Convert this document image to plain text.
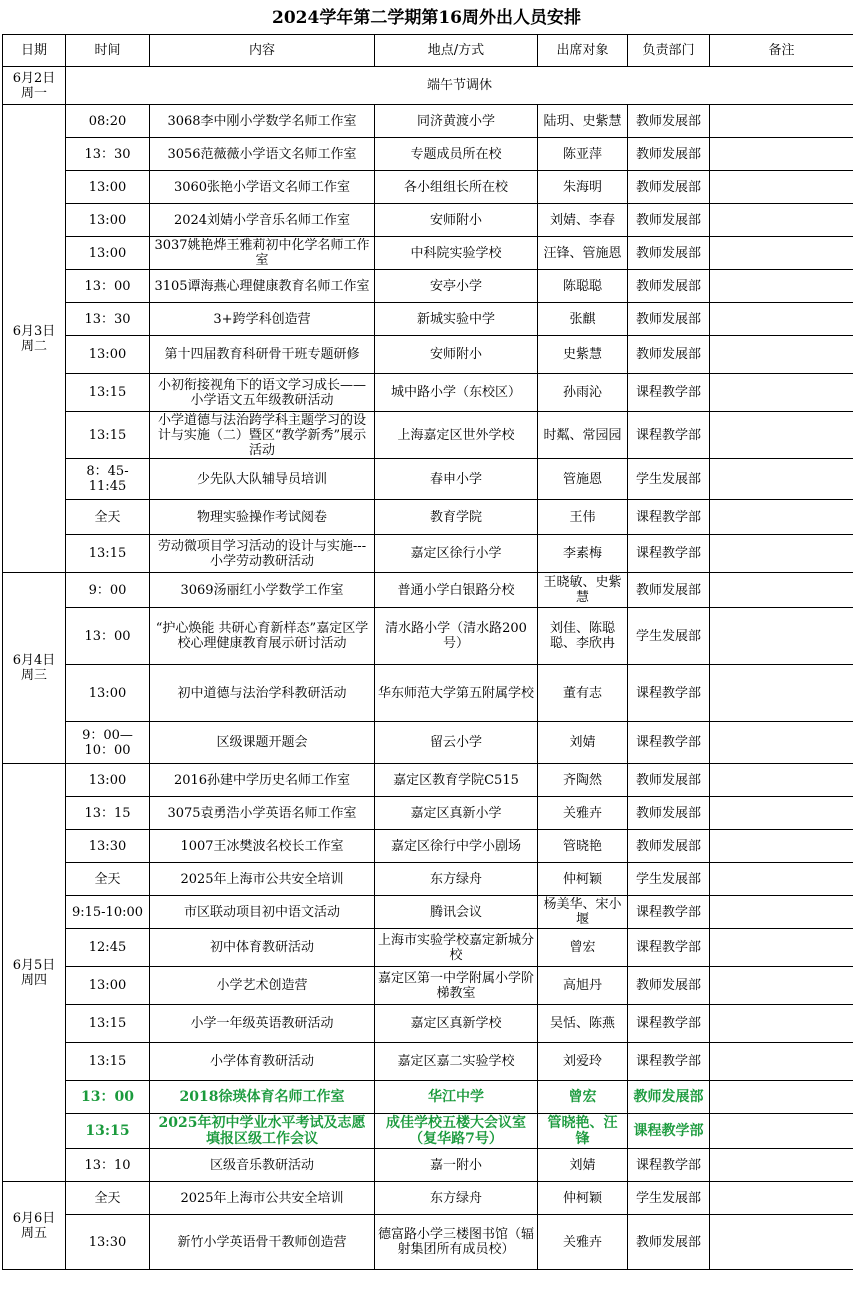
2024学年第二学期第16周外出人员安排
日期	时间	内容	地点/方式	出席对象	负责部门	备注
6月2日
周一	端午节调休					
6月3日
周二	08:20	3068李中刚小学数学名师工作室	同济黄渡小学	陆玥、史紫慧	教师发展部	
	13：30	3056范薇薇小学语文名师工作室	专题成员所在校	陈亚萍	教师发展部	
	13:00	3060张艳小学语文名师工作室	各小组组长所在校	朱海明	教师发展部	
	13:00	2024刘婧小学音乐名师工作室	安师附小	刘婧、李春	教师发展部	
	13:00	3037姚艳烨王雅莉初中化学名师工作室	中科院实验学校	汪锋、管施恩	教师发展部	
	13：00	3105谭海燕心理健康教育名师工作室	安亭小学	陈聪聪	教师发展部	
	13：30	3+跨学科创造营	新城实验中学	张麒	教师发展部	
	13:00	第十四届教育科研骨干班专题研修	安师附小	史紫慧	教师发展部	
	13:15	小初衔接视角下的语文学习成长——小学语文五年级教研活动	城中路小学（东校区）	孙雨沁	课程教学部	
	13:15	小学道德与法治跨学科主题学习的设计与实施（二）暨区“教学新秀”展示活动	上海嘉定区世外学校	时粼、常园园	课程教学部	
	8：45-11:45	少先队大队辅导员培训	春申小学	管施恩	学生发展部	
	全天	物理实验操作考试阅卷	教育学院	王伟	课程教学部	
	13:15	劳动微项目学习活动的设计与实施---小学劳动教研活动	嘉定区徐行小学	李素梅	课程教学部	
6月4日
周三	9：00	3069汤丽红小学数学工作室	普通小学白银路分校	王晓敏、史紫慧	教师发展部	
	13：00	“护心焕能 共研心育新样态”嘉定区学校心理健康教育展示研讨活动	清水路小学（清水路200号）	刘佳、陈聪聪、李欣冉	学生发展部	
	13:00	初中道德与法治学科教研活动	华东师范大学第五附属学校	董有志	课程教学部	
	9：00—10：00	区级课题开题会	留云小学	刘婧	课程教学部	
6月5日
周四	13:00	2016孙建中学历史名师工作室	嘉定区教育学院C515	齐陶然	教师发展部	
	13：15	3075袁勇浩小学英语名师工作室	嘉定区真新小学	关雅卉	教师发展部	
	13:30	1007王冰樊波名校长工作室	嘉定区徐行中学小剧场	管晓艳	教师发展部	
	全天	2025年上海市公共安全培训	东方绿舟	仲柯颖	学生发展部	
	9:15-10:00	市区联动项目初中语文活动	腾讯会议	杨美华、宋小堰	课程教学部	
	12:45	初中体育教研活动	上海市实验学校嘉定新城分校	曾宏	课程教学部	
	13:00	小学艺术创造营	嘉定区第一中学附属小学阶梯教室	高旭丹	教师发展部	
	13:15	小学一年级英语教研活动	嘉定区真新学校	吴恬、陈燕	课程教学部	
	13:15	小学体育教研活动	嘉定区嘉二实验学校	刘爱玲	课程教学部	
	13：00	2018徐瑛体育名师工作室	华江中学	曾宏	教师发展部	
	13:15	2025年初中学业水平考试及志愿填报区级工作会议	成佳学校五楼大会议室（复华路7号）	管晓艳、汪锋	课程教学部	
	13：10	区级音乐教研活动	嘉一附小	刘婧	课程教学部	
6月6日
周五	全天	2025年上海市公共安全培训	东方绿舟	仲柯颖	学生发展部	
	13:30	新竹小学英语骨干教师创造营	德富路小学三楼图书馆（辐射集团所有成员校）	关雅卉	教师发展部	
